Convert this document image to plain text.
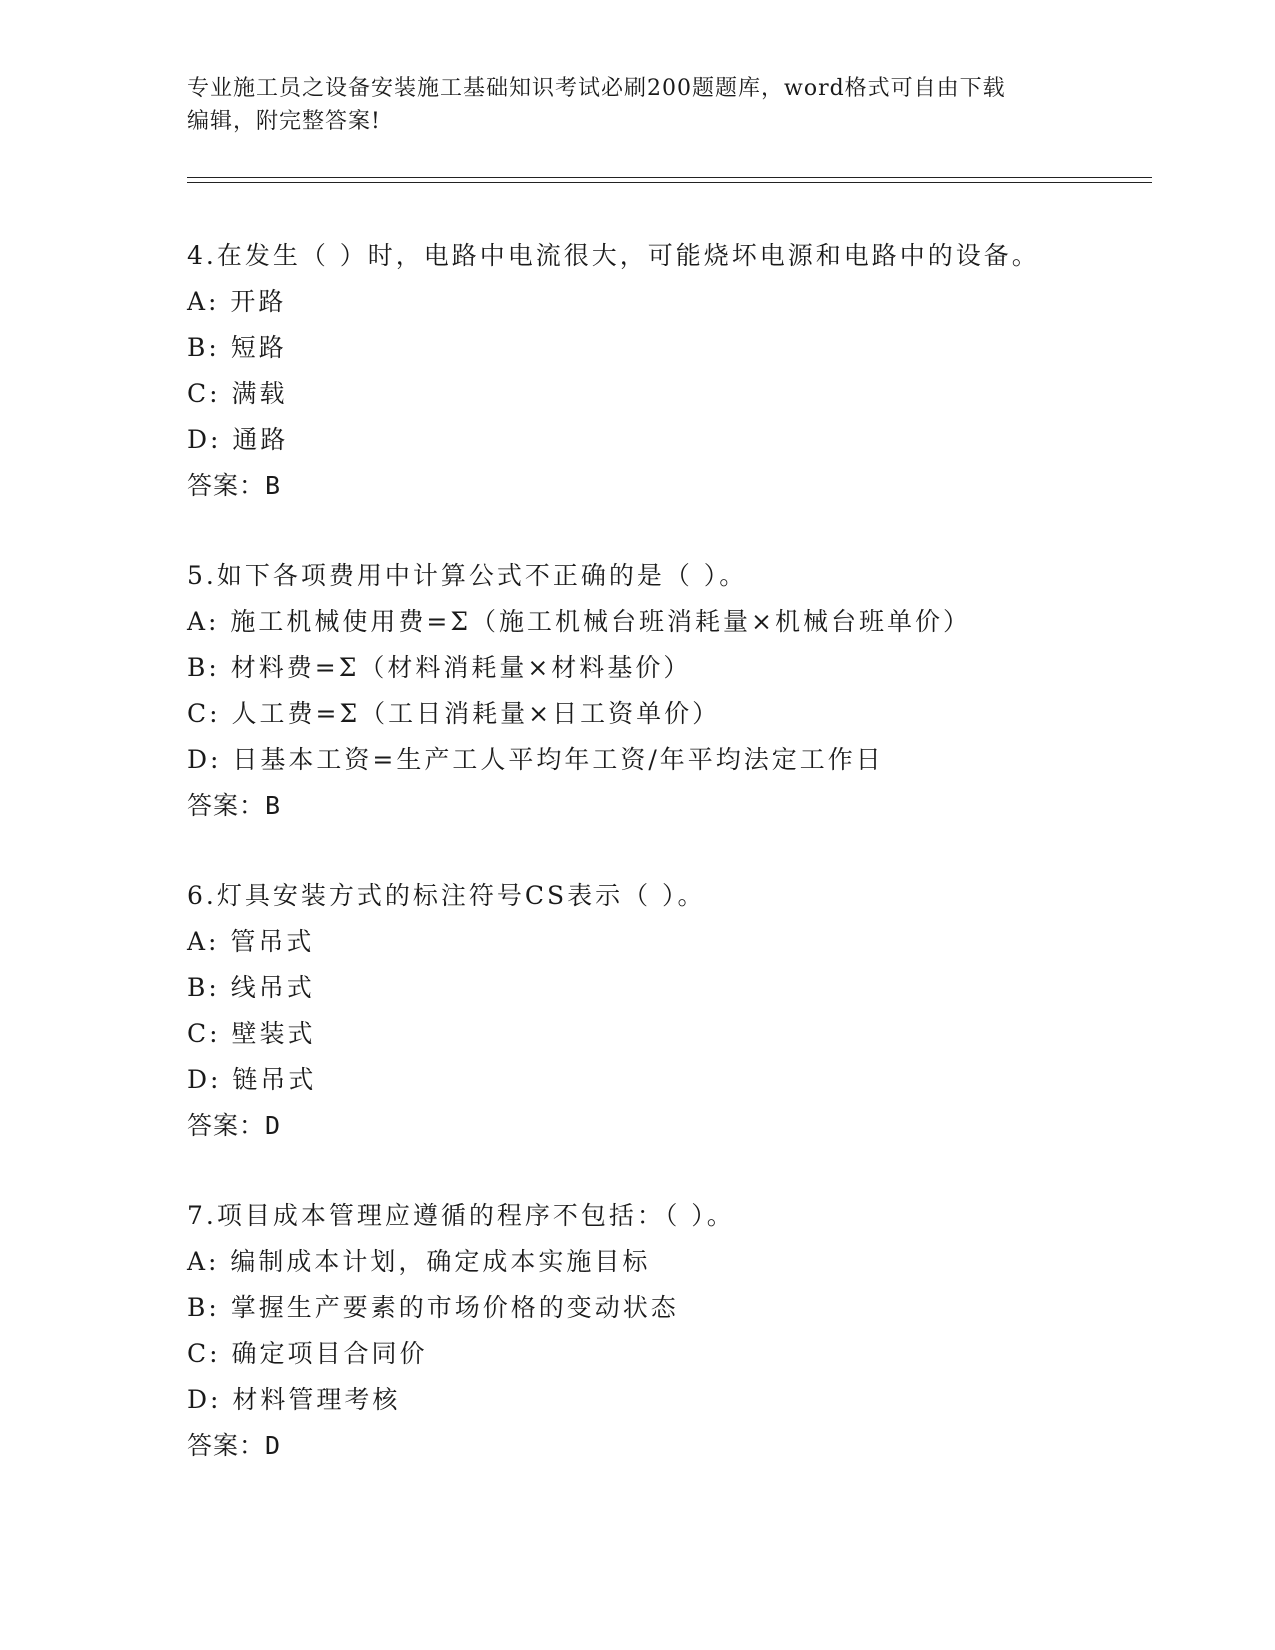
专业施工员之设备安装施工基础知识考试必刷200题题库，word格式可自由下载
编辑，附完整答案!
4.在发生（ ）时，电路中电流很大，可能烧坏电源和电路中的设备。
A: 开路
B: 短路
C: 满载
D: 通路
答案：B
5.如下各项费用中计算公式不正确的是（ ）。
A: 施工机械使用费=Σ（施工机械台班消耗量×机械台班单价）
B: 材料费=Σ（材料消耗量×材料基价）
C: 人工费=Σ（工日消耗量×日工资单价）
D: 日基本工资=生产工人平均年工资/年平均法定工作日
答案：B
6.灯具安装方式的标注符号CS表示（ ）。
A: 管吊式
B: 线吊式
C: 壁装式
D: 链吊式
答案：D
7.项目成本管理应遵循的程序不包括：（ ）。
A: 编制成本计划，确定成本实施目标
B: 掌握生产要素的市场价格的变动状态
C: 确定项目合同价
D: 材料管理考核
答案：D
